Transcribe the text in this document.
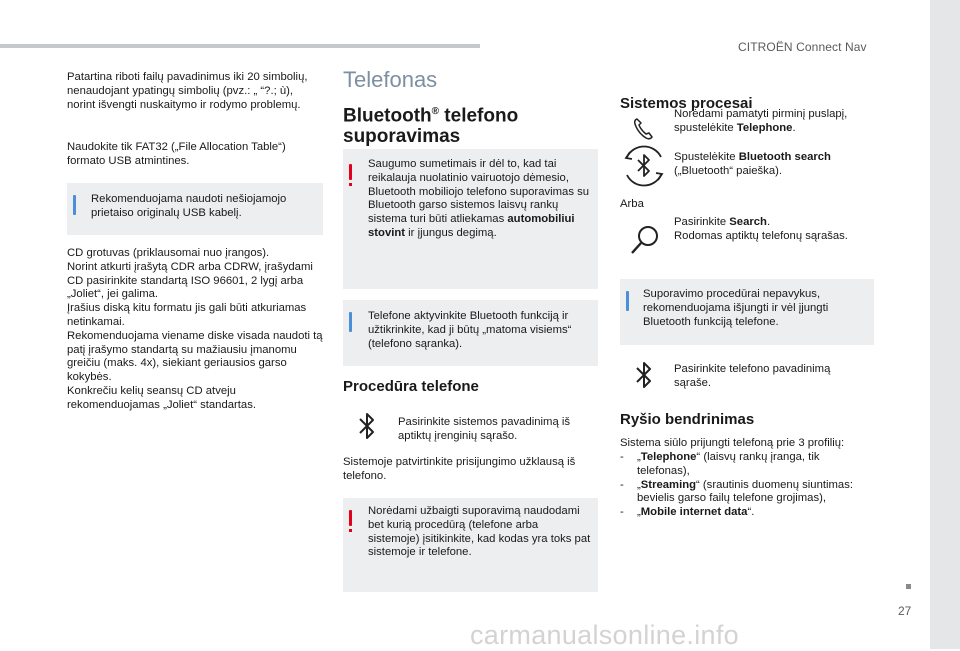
CITROËN Connect Nav
27
carmanualsonline.info

Patartina riboti failų pavadinimus iki 20 simbolių, nenaudojant ypatingų simbolių (pvz.: „ “?.; ù), norint išvengti nuskaitymo ir rodymo problemų.

Naudokite tik FAT32 („File Allocation Table“) formato USB atmintines.

Rekomenduojama naudoti nešiojamojo prietaiso originalų USB kabelį.

CD grotuvas (priklausomai nuo įrangos).

Norint atkurti įrašytą CDR arba CDRW, įrašydami CD pasirinkite standartą ISO 96601, 2 lygį arba „Joliet“, jei galima.

Įrašius diską kitu formatu jis gali būti atkuriamas netinkamai.

Rekomenduojama viename diske visada naudoti tą patį įrašymo standartą su mažiausiu įmanomu greičiu (maks. 4x), siekiant geriausios garso kokybės.

Konkrečiu kelių seansų CD atveju rekomenduojamas „Joliet“ standartas.

Telefonas
Bluetooth® telefono suporavimas

Saugumo sumetimais ir dėl to, kad tai reikalauja nuolatinio vairuotojo dėmesio, Bluetooth mobiliojo telefono suporavimas su Bluetooth garso sistemos laisvų rankų sistema turi būti atliekamas automobiliui stovint ir įjungus degimą.

Telefone aktyvinkite Bluetooth funkciją ir užtikrinkite, kad ji būtų „matoma visiems“ (telefono sąranka).

Procedūra telefone

Pasirinkite sistemos pavadinimą iš aptiktų įrenginių sąrašo.

Sistemoje patvirtinkite prisijungimo užklausą iš telefono.

Norėdami užbaigti suporavimą naudodami bet kurią procedūrą (telefone arba sistemoje) įsitikinkite, kad kodas yra toks pat sistemoje ir telefone.

Sistemos procesai

Norėdami pamatyti pirminį puslapį, spustelėkite Telephone.

Spustelėkite Bluetooth search („Bluetooth“ paieška).

Arba

Pasirinkite Search.
Rodomas aptiktų telefonų sąrašas.

Suporavimo procedūrai nepavykus, rekomenduojama išjungti ir vėl įjungti Bluetooth funkciją telefone.

Pasirinkite telefono pavadinimą sąraše.

Ryšio bendrinimas

Sistema siūlo prijungti telefoną prie 3 profilių:

- „Telephone“ (laisvų rankų įranga, tik telefonas),
- „Streaming“ (srautinis duomenų siuntimas: bevielis garso failų telefone grojimas),
- „Mobile internet data“.
